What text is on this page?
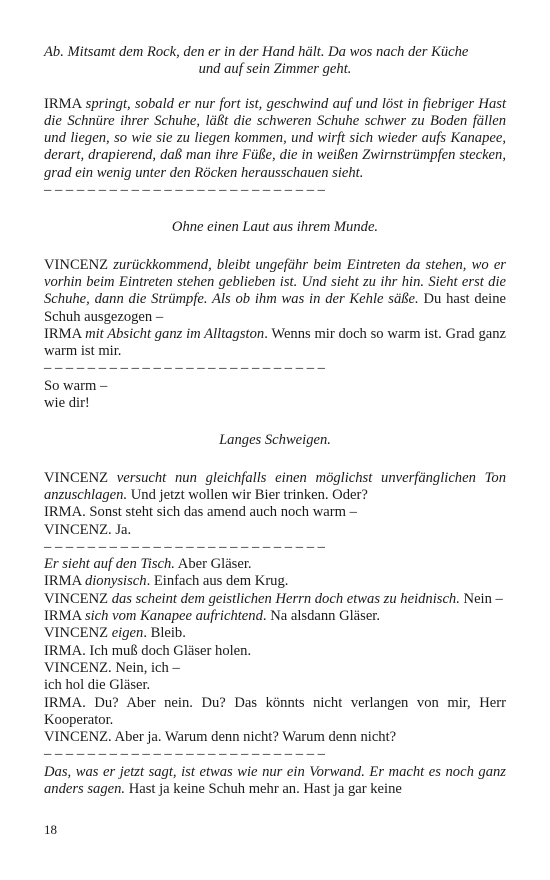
Ab. Mitsamt dem Rock, den er in der Hand hält. Da wos nach der Küche

und auf sein Zimmer geht.

IRMA springt, sobald er nur fort ist, geschwind auf und löst in fiebriger Hast die Schnüre ihrer Schuhe, läßt die schweren Schuhe schwer zu Boden fällen und liegen, so wie sie zu liegen kommen, und wirft sich wieder aufs Kanapee, derart, drapierend, daß man ihre Füße, die in weißen Zwirnstrümpfen stecken, grad ein wenig unter den Röcken herausschauen sieht.

– – – – – – – – – – – – – – – – – – – – – – – – – –

Ohne einen Laut aus ihrem Munde.

VINCENZ zurückkommend, bleibt ungefähr beim Eintreten da stehen, wo er vorhin beim Eintreten stehen geblieben ist. Und sieht zu ihr hin. Sieht erst die Schuhe, dann die Strümpfe. Als ob ihm was in der Kehle säße. Du hast deine Schuh ausgezogen –

IRMA mit Absicht ganz im Alltagston. Wenns mir doch so warm ist. Grad ganz warm ist mir.

– – – – – – – – – – – – – – – – – – – – – – – – – –

So warm –

wie dir!

Langes Schweigen.

VINCENZ versucht nun gleichfalls einen möglichst unverfänglichen Ton anzuschlagen. Und jetzt wollen wir Bier trinken. Oder?

IRMA. Sonst steht sich das amend auch noch warm –

VINCENZ. Ja.

– – – – – – – – – – – – – – – – – – – – – – – – – –

Er sieht auf den Tisch. Aber Gläser.

IRMA dionysisch. Einfach aus dem Krug.

VINCENZ das scheint dem geistlichen Herrn doch etwas zu heidnisch. Nein –

IRMA sich vom Kanapee aufrichtend. Na alsdann Gläser.

VINCENZ eigen. Bleib.

IRMA. Ich muß doch Gläser holen.

VINCENZ. Nein, ich –

ich hol die Gläser.

IRMA. Du? Aber nein. Du? Das könnts nicht verlangen von mir, Herr Kooperator.

VINCENZ. Aber ja. Warum denn nicht? Warum denn nicht?

– – – – – – – – – – – – – – – – – – – – – – – – – –

Das, was er jetzt sagt, ist etwas wie nur ein Vorwand. Er macht es noch ganz anders sagen. Hast ja keine Schuh mehr an. Hast ja gar keine

18
